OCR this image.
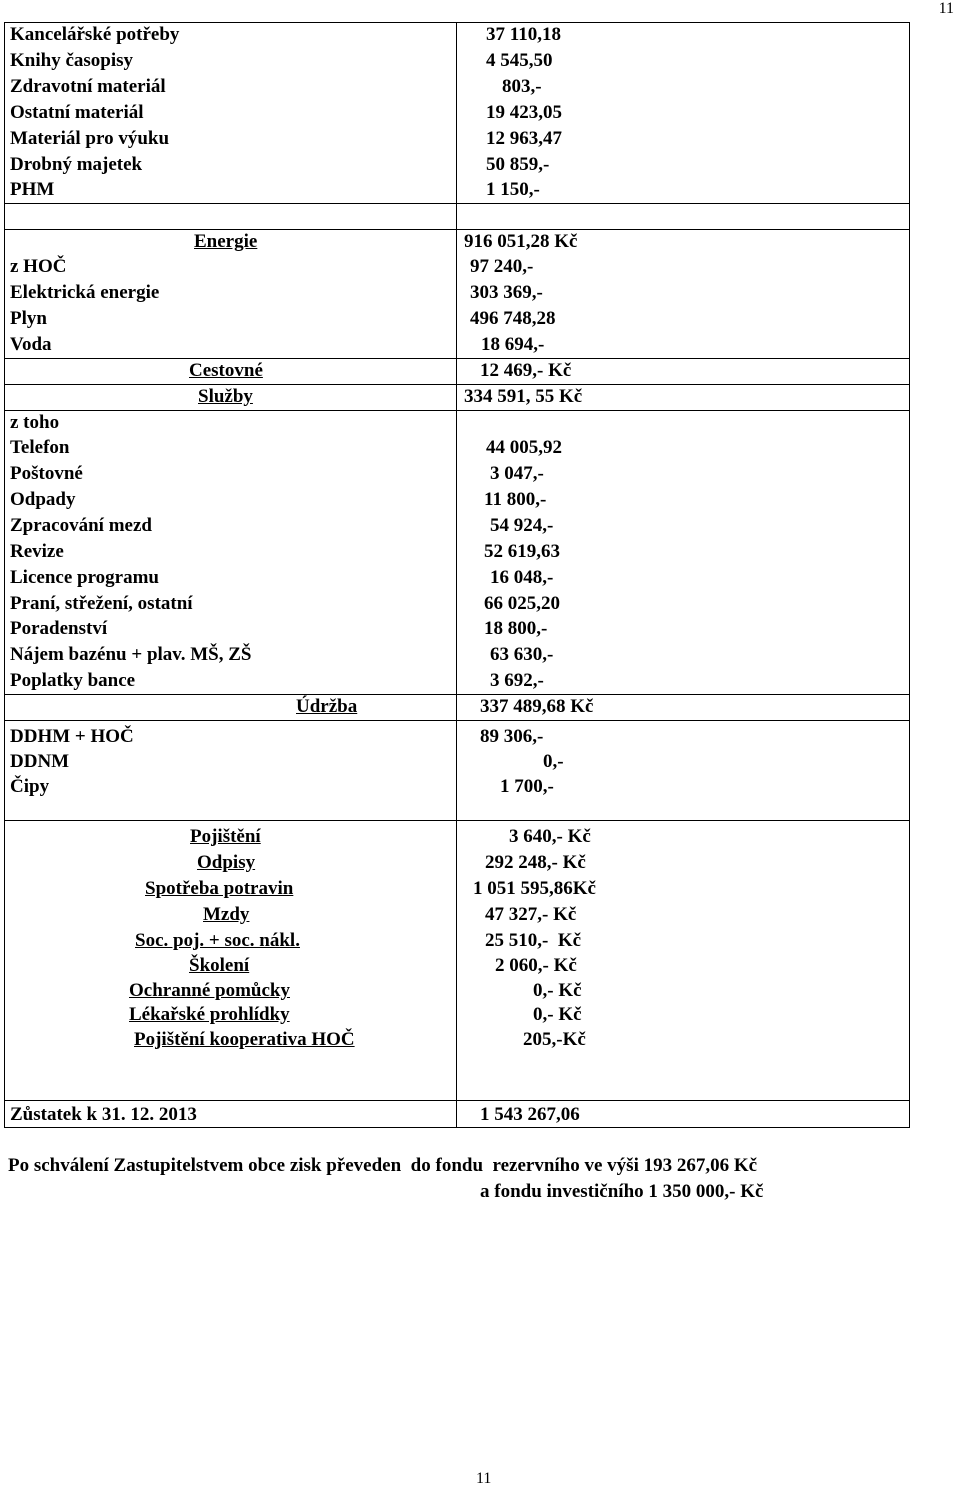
11
Kancelářské potřeby	37 110,18
Knihy časopisy	4 545,50
Zdravotní materiál	803,-
Ostatní materiál	19 423,05
Materiál pro výuku	12 963,47
Drobný majetek	50 859,-
PHM	1 150,-
Energie	916 051,28 Kč
z HOČ	97 240,-
Elektrická energie	303 369,-
Plyn	496 748,28
Voda	18 694,-
Cestovné	12 469,- Kč
Služby	334 591, 55 Kč
z toho
Telefon	44 005,92
Poštovné	3 047,-
Odpady	11 800,-
Zpracování mezd	54 924,-
Revize	52 619,63
Licence programu	16 048,-
Praní, střežení, ostatní	66 025,20
Poradenství	18 800,-
Nájem bazénu + plav. MŠ, ZŠ	63 630,-
Poplatky bance	3 692,-
Údržba	337 489,68 Kč
DDHM + HOČ	89 306,-
DDNM	0,-
Čipy	1 700,-
Pojištění	3 640,- Kč
Odpisy	292 248,- Kč
Spotřeba potravin	1 051 595,86Kč
Mzdy	47 327,- Kč
Soc. poj. + soc. nákl.	25 510,-  Kč
Školení	2 060,- Kč
Ochranné pomůcky	0,- Kč
Lékařské prohlídky	0,- Kč
Pojištění kooperativa HOČ	205,-Kč
Zůstatek k 31. 12. 2013	1 543 267,06
Po schválení Zastupitelstvem obce zisk převeden  do fondu  rezervního ve výši 193 267,06 Kč
a fondu investičního 1 350 000,- Kč
11
